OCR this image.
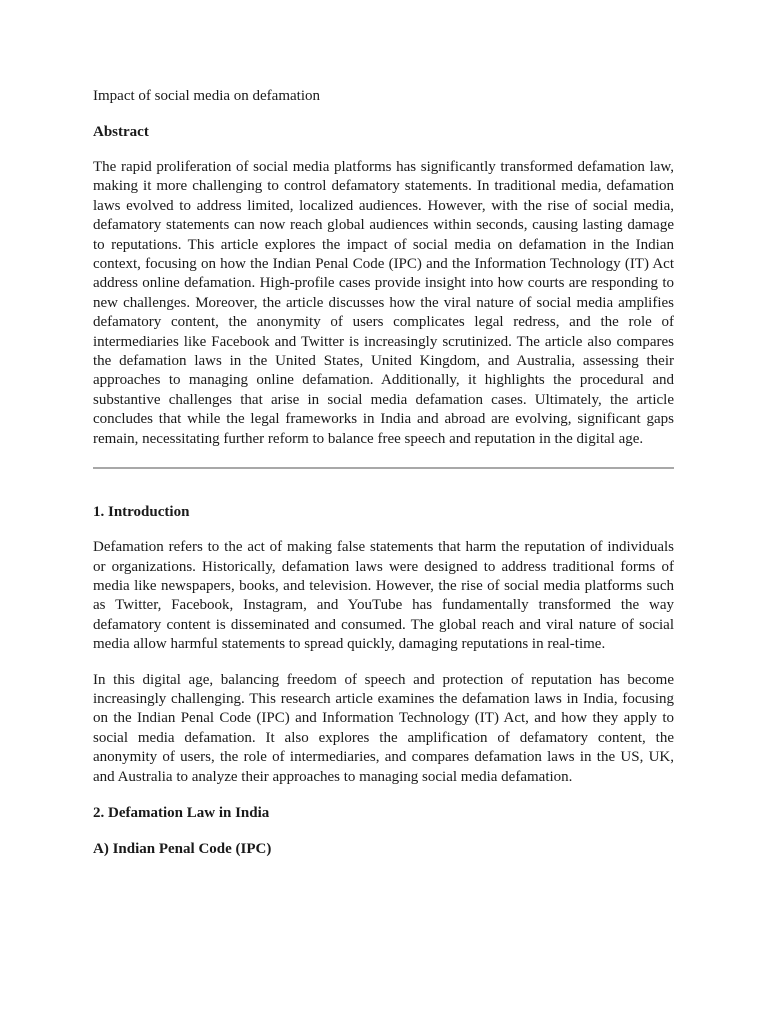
Impact of social media on defamation

Abstract

The rapid proliferation of social media platforms has significantly transformed defamation law, making it more challenging to control defamatory statements. In traditional media, defamation laws evolved to address limited, localized audiences. However, with the rise of social media, defamatory statements can now reach global audiences within seconds, causing lasting damage to reputations. This article explores the impact of social media on defamation in the Indian context, focusing on how the Indian Penal Code (IPC) and the Information Technology (IT) Act address online defamation. High-profile cases provide insight into how courts are responding to new challenges. Moreover, the article discusses how the viral nature of social media amplifies defamatory content, the anonymity of users complicates legal redress, and the role of intermediaries like Facebook and Twitter is increasingly scrutinized. The article also compares the defamation laws in the United States, United Kingdom, and Australia, assessing their approaches to managing online defamation. Additionally, it highlights the procedural and substantive challenges that arise in social media defamation cases. Ultimately, the article concludes that while the legal frameworks in India and abroad are evolving, significant gaps remain, necessitating further reform to balance free speech and reputation in the digital age.

1. Introduction

Defamation refers to the act of making false statements that harm the reputation of individuals or organizations. Historically, defamation laws were designed to address traditional forms of media like newspapers, books, and television. However, the rise of social media platforms such as Twitter, Facebook, Instagram, and YouTube has fundamentally transformed the way defamatory content is disseminated and consumed. The global reach and viral nature of social media allow harmful statements to spread quickly, damaging reputations in real-time.

In this digital age, balancing freedom of speech and protection of reputation has become increasingly challenging. This research article examines the defamation laws in India, focusing on the Indian Penal Code (IPC) and Information Technology (IT) Act, and how they apply to social media defamation. It also explores the amplification of defamatory content, the anonymity of users, the role of intermediaries, and compares defamation laws in the US, UK, and Australia to analyze their approaches to managing social media defamation.

2. Defamation Law in India

A) Indian Penal Code (IPC)
